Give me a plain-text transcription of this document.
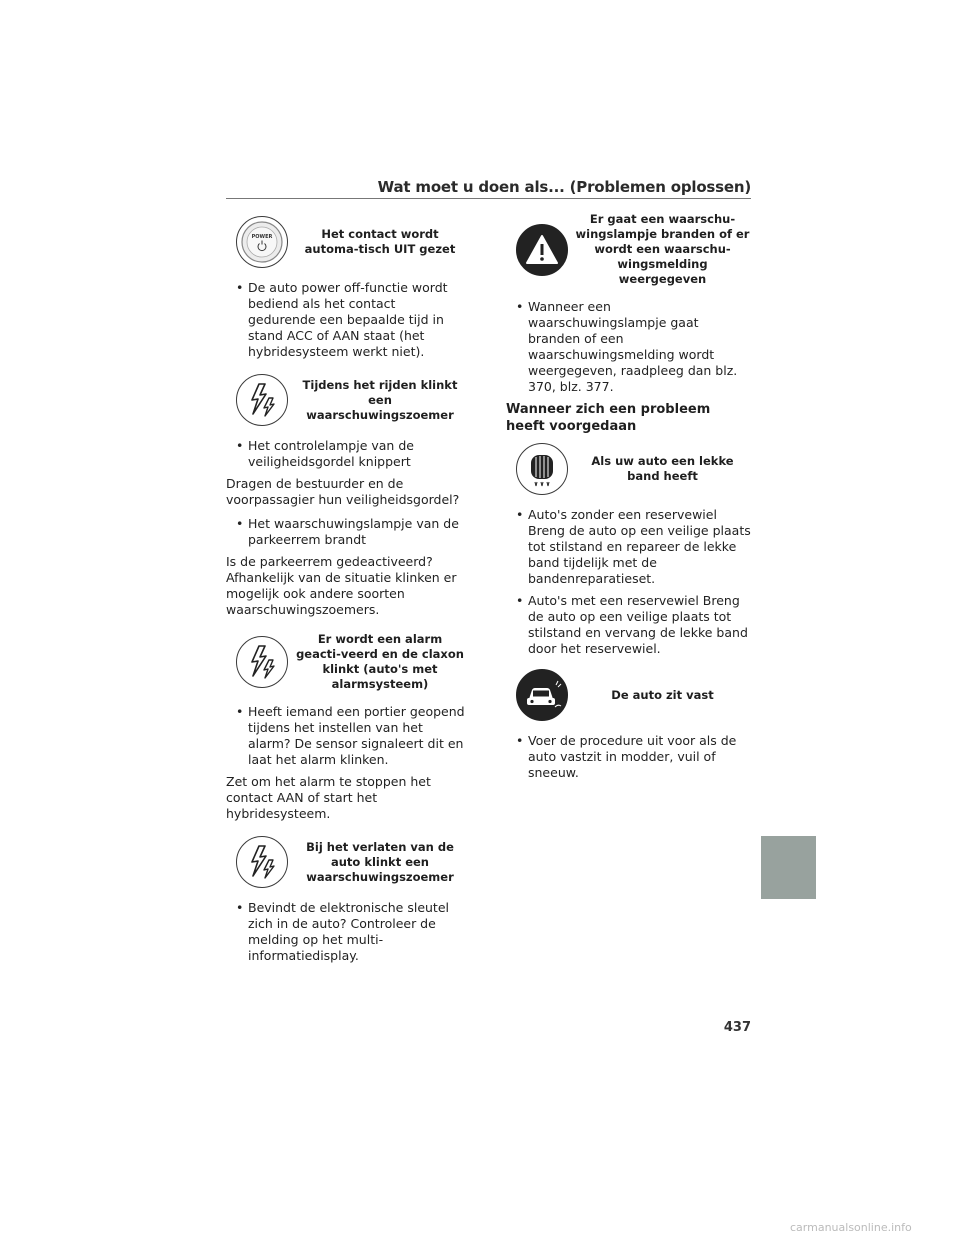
Wat moet u doen als... (Problemen oplossen)
POWER	Het contact wordt automa-tisch UIT gezet
• De auto power off-functie wordt bediend als het contact gedurende een bepaalde tijd in stand ACC of AAN staat (het hybridesysteem werkt niet).
Tijdens het rijden klinkt een waarschuwingszoemer
• Het controlelampje van de veiligheidsgordel knippert
Dragen de bestuurder en de voorpassagier hun veiligheidsgordel?
• Het waarschuwingslampje van de parkeerrem brandt
Is de parkeerrem gedeactiveerd? Afhankelijk van de situatie klinken er mogelijk ook andere soorten waarschuwingszoemers.
Er wordt een alarm geacti-veerd en de claxon klinkt (auto's met alarmsysteem)
• Heeft iemand een portier geopend tijdens het instellen van het alarm? De sensor signaleert dit en laat het alarm klinken.
Zet om het alarm te stoppen het contact AAN of start het hybridesysteem.
Bij het verlaten van de auto klinkt een waarschuwingszoemer
• Bevindt de elektronische sleutel zich in de auto? Controleer de melding op het multi-informatiedisplay.
Er gaat een waarschu-wingslampje branden of er wordt een waarschu-wingsmelding weergegeven
• Wanneer een waarschuwingslampje gaat branden of een waarschuwingsmelding wordt weergegeven, raadpleeg dan blz. 370, blz. 377.
Wanneer zich een probleem heeft voorgedaan
Als uw auto een lekke band heeft
• Auto's zonder een reservewiel Breng de auto op een veilige plaats tot stilstand en repareer de lekke band tijdelijk met de bandenreparatieset.
• Auto's met een reservewiel Breng de auto op een veilige plaats tot stilstand en vervang de lekke band door het reservewiel.
De auto zit vast
• Voer de procedure uit voor als de auto vastzit in modder, vuil of sneeuw.
437
carmanualsonline.info
